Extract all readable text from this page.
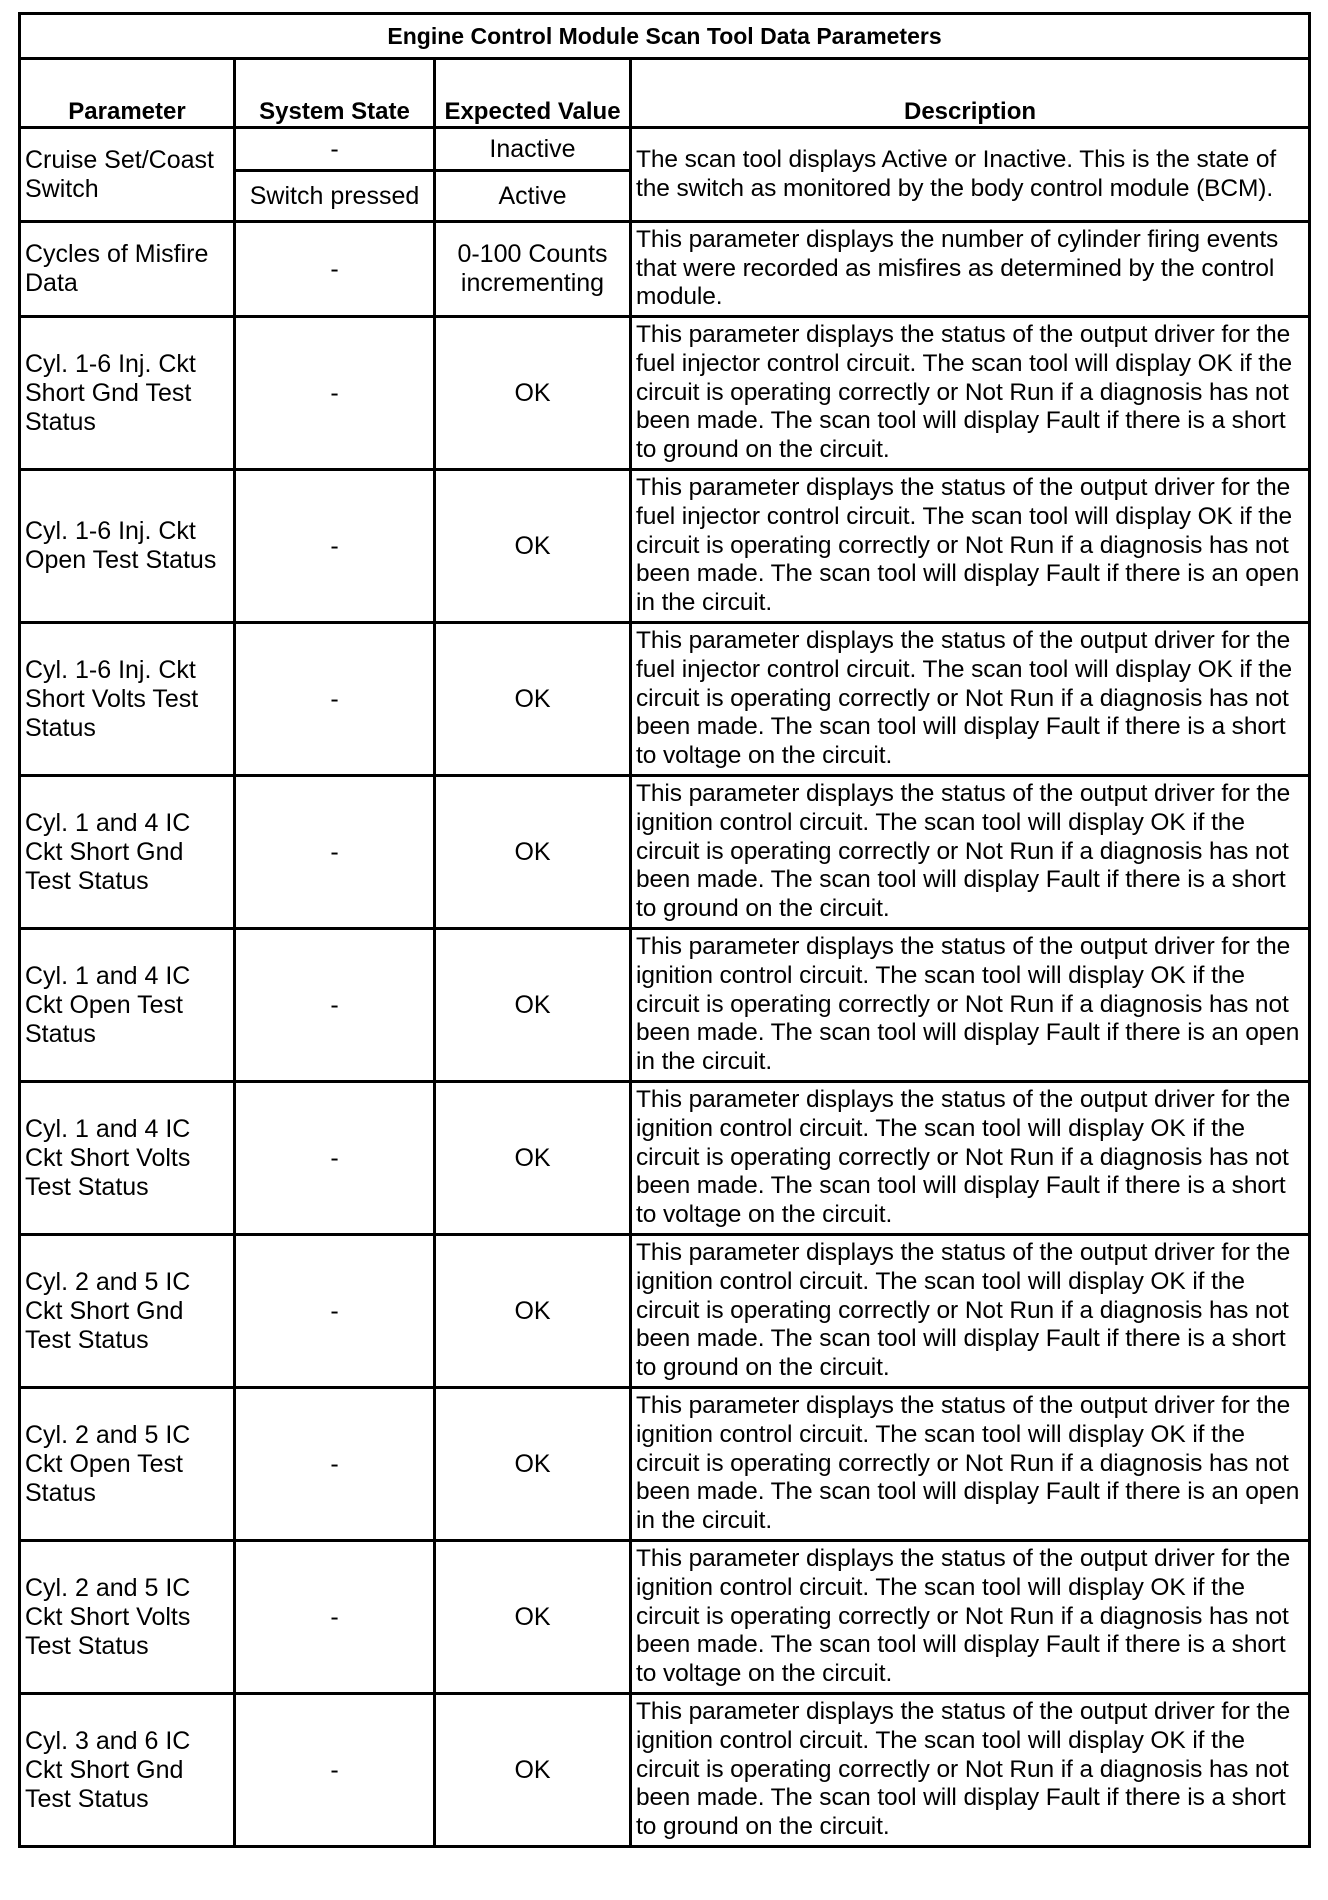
Engine Control Module Scan Tool Data Parameters			
Parameter	System State	Expected Value	Description
Cruise Set/Coast Switch	-	Inactive	The scan tool displays Active or Inactive. This is the state of the switch as monitored by the body control module (BCM).
	Switch pressed	Active	
Cycles of Misfire Data	-	0-100 Counts incrementing	This parameter displays the number of cylinder firing events that were recorded as misfires as determined by the control module.
Cyl. 1-6 Inj. Ckt Short Gnd Test Status	-	OK	This parameter displays the status of the output driver for the fuel injector control circuit. The scan tool will display OK if the circuit is operating correctly or Not Run if a diagnosis has not been made. The scan tool will display Fault if there is a short to ground on the circuit.
Cyl. 1-6 Inj. Ckt Open Test Status	-	OK	This parameter displays the status of the output driver for the fuel injector control circuit. The scan tool will display OK if the circuit is operating correctly or Not Run if a diagnosis has not been made. The scan tool will display Fault if there is an open in the circuit.
Cyl. 1-6 Inj. Ckt Short Volts Test Status	-	OK	This parameter displays the status of the output driver for the fuel injector control circuit. The scan tool will display OK if the circuit is operating correctly or Not Run if a diagnosis has not been made. The scan tool will display Fault if there is a short to voltage on the circuit.
Cyl. 1 and 4 IC Ckt Short Gnd Test Status	-	OK	This parameter displays the status of the output driver for the ignition control circuit. The scan tool will display OK if the circuit is operating correctly or Not Run if a diagnosis has not been made. The scan tool will display Fault if there is a short to ground on the circuit.
Cyl. 1 and 4 IC Ckt Open Test Status	-	OK	This parameter displays the status of the output driver for the ignition control circuit. The scan tool will display OK if the circuit is operating correctly or Not Run if a diagnosis has not been made. The scan tool will display Fault if there is an open in the circuit.
Cyl. 1 and 4 IC Ckt Short Volts Test Status	-	OK	This parameter displays the status of the output driver for the ignition control circuit. The scan tool will display OK if the circuit is operating correctly or Not Run if a diagnosis has not been made. The scan tool will display Fault if there is a short to voltage on the circuit.
Cyl. 2 and 5 IC Ckt Short Gnd Test Status	-	OK	This parameter displays the status of the output driver for the ignition control circuit. The scan tool will display OK if the circuit is operating correctly or Not Run if a diagnosis has not been made. The scan tool will display Fault if there is a short to ground on the circuit.
Cyl. 2 and 5 IC Ckt Open Test Status	-	OK	This parameter displays the status of the output driver for the ignition control circuit. The scan tool will display OK if the circuit is operating correctly or Not Run if a diagnosis has not been made. The scan tool will display Fault if there is an open in the circuit.
Cyl. 2 and 5 IC Ckt Short Volts Test Status	-	OK	This parameter displays the status of the output driver for the ignition control circuit. The scan tool will display OK if the circuit is operating correctly or Not Run if a diagnosis has not been made. The scan tool will display Fault if there is a short to voltage on the circuit.
Cyl. 3 and 6 IC Ckt Short Gnd Test Status	-	OK	This parameter displays the status of the output driver for the ignition control circuit. The scan tool will display OK if the circuit is operating correctly or Not Run if a diagnosis has not been made. The scan tool will display Fault if there is a short to ground on the circuit.
